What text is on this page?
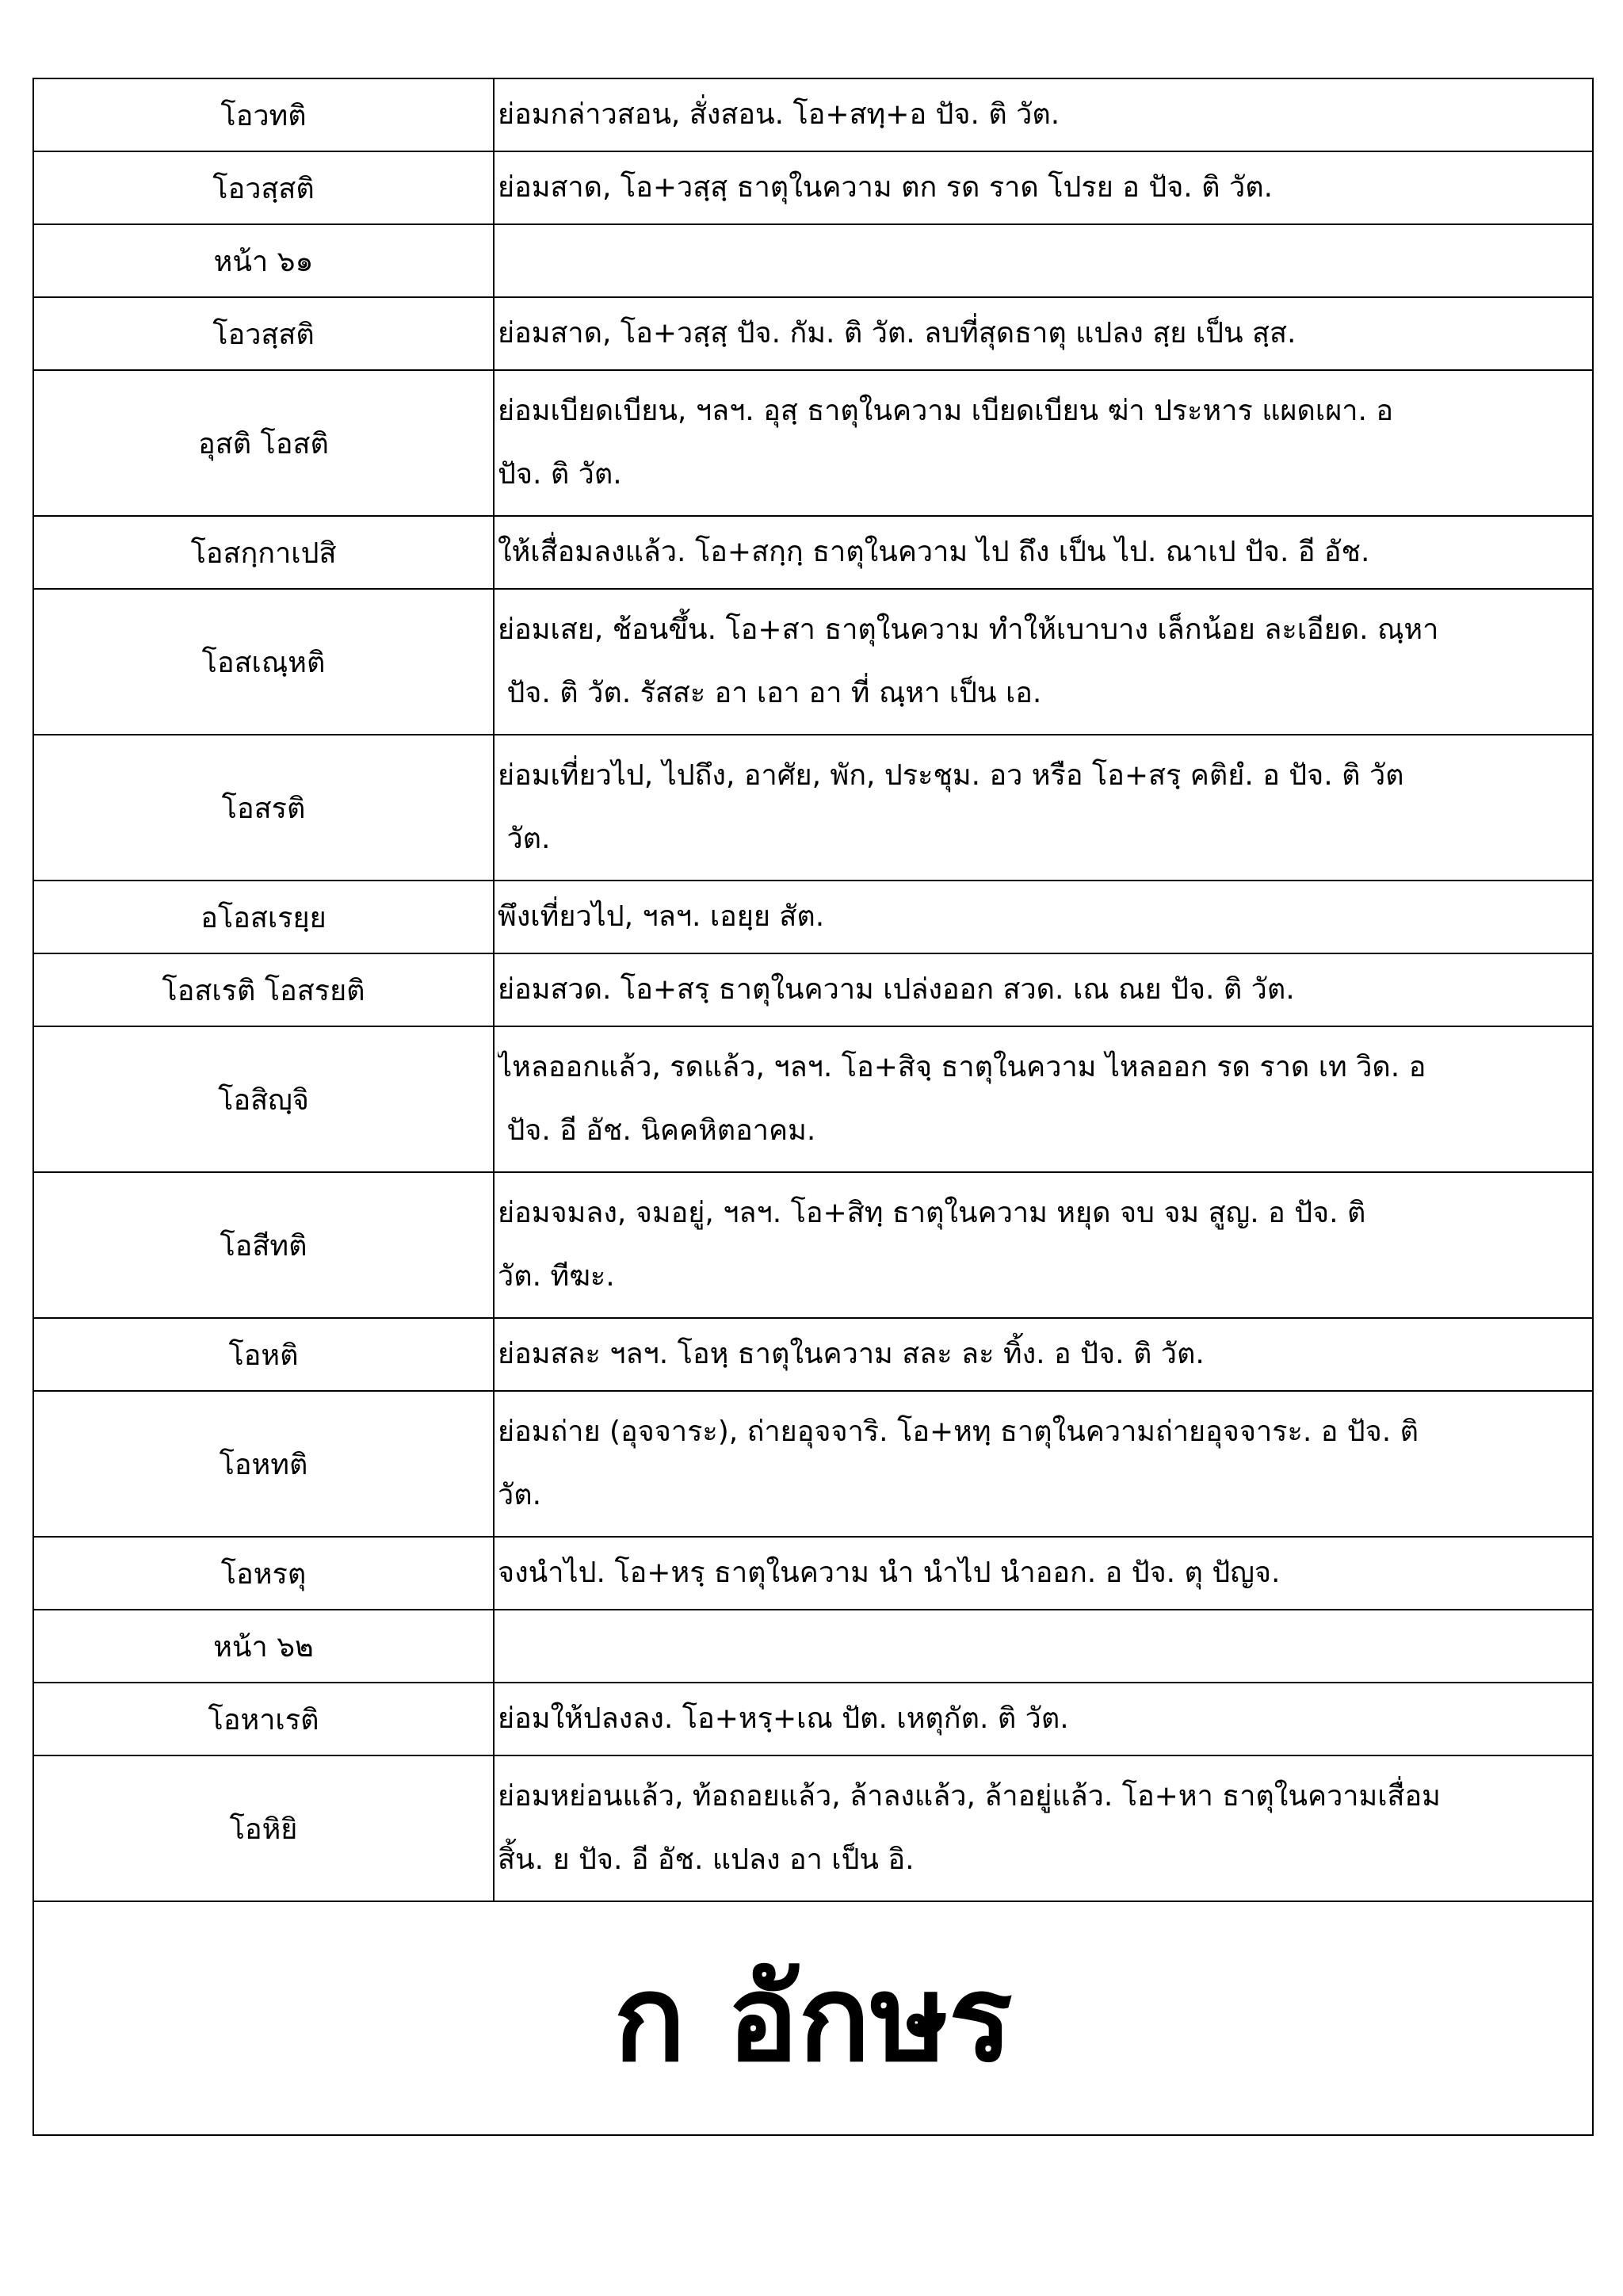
โอวทติ	ย่อมกล่าวสอน, สั่งสอน. โอ+สทฺ+อ ปัจ. ติ วัต.

โอวสฺสติ	ย่อมสาด, โอ+วสฺสฺ ธาตุในความ ตก รด ราด โปรย อ ปัจ. ติ วัต.

หน้า ๖๑	
โอวสฺสติ	ย่อมสาด, โอ+วสฺสฺ ปัจ. กัม. ติ วัต. ลบที่สุดธาตุ แปลง สฺย เป็น สฺส.

อุสติ โอสติ	ย่อมเบียดเบียน, ฯลฯ. อุสฺ ธาตุในความ เบียดเบียน ฆ่า ประหาร แผดเผา. อ
ปัจ. ติ วัต.

โอสกฺกาเปสิ	ให้เสื่อมลงแล้ว. โอ+สกฺกฺ ธาตุในความ ไป ถึง เป็น ไป. ณาเป ปัจ. อี อัช.

โอสเณฺหติ	ย่อมเสย, ช้อนขึ้น. โอ+สา ธาตุในความ ทำให้เบาบาง เล็กน้อย ละเอียด. ณฺหา
ปัจ. ติ วัต. รัสสะ อา เอา อา ที่ ณฺหา เป็น เอ.

โอสรติ	ย่อมเที่ยวไป, ไปถึง, อาศัย, พัก, ประชุม. อว หรือ โอ+สรฺ คติยํ. อ ปัจ. ติ วัต
วัต.

อโอสเรยฺย	พึงเที่ยวไป, ฯลฯ. เอยฺย สัต.

โอสเรติ โอสรยติ	ย่อมสวด. โอ+สรฺ ธาตุในความ เปล่งออก สวด. เณ ณย ปัจ. ติ วัต.

โอสิญฺจิ	ไหลออกแล้ว, รดแล้ว, ฯลฯ. โอ+สิจฺ ธาตุในความ ไหลออก รด ราด เท วิด. อ
ปัจ. อี อัช. นิคคหิตอาคม.

โอสีทติ	ย่อมจมลง, จมอยู่, ฯลฯ. โอ+สิทฺ ธาตุในความ หยุด จบ จม สูญ. อ ปัจ. ติ
วัต. ทีฆะ.

โอหติ	ย่อมสละ ฯลฯ. โอหฺ ธาตุในความ สละ ละ ทิ้ง. อ ปัจ. ติ วัต.

โอหทติ	ย่อมถ่าย (อุจจาระ), ถ่ายอุจจาริ. โอ+หทฺ ธาตุในความถ่ายอุจจาระ. อ ปัจ. ติ
วัต.

โอหรตุ	จงนำไป. โอ+หรฺ ธาตุในความ นำ นำไป นำออก. อ ปัจ. ตุ ปัญจ.

หน้า ๖๒	
โอหาเรติ	ย่อมให้ปลงลง. โอ+หรฺ+เณ ปัต. เหตุกัต. ติ วัต.

โอหิยิ	ย่อมหย่อนแล้ว, ท้อถอยแล้ว, ล้าลงแล้ว, ล้าอยู่แล้ว. โอ+หา ธาตุในความเสื่อม
สิ้น. ย ปัจ. อี อัช. แปลง อา เป็น อิ.

ก อักษร	
